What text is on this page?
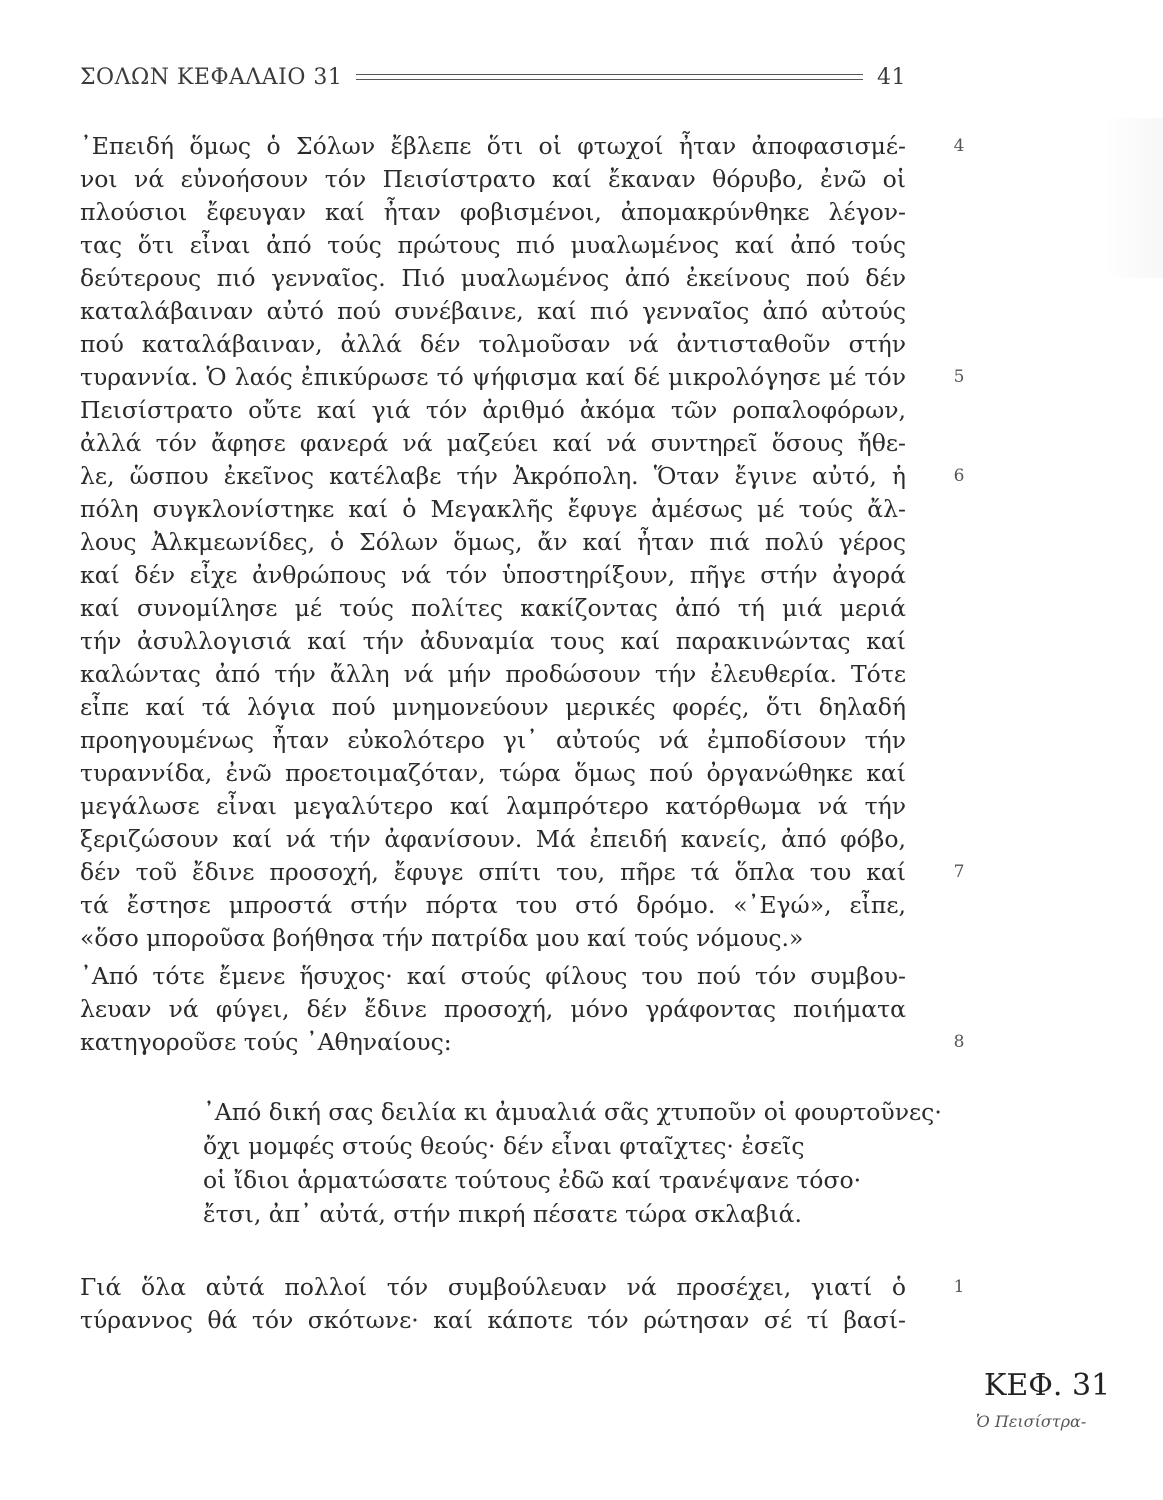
ΣΟΛΩΝ ΚΕΦΑΛΑΙΟ 31	41
᾿Επειδή ὅμως ὁ Σόλων ἔβλεπε ὅτι οἱ φτωχοί ἦταν ἀποφασισμέ-
νοι νά εὐνοήσουν τόν Πεισίστρατο καί ἔκαναν θόρυβο, ἐνῶ οἱ
πλούσιοι ἔφευγαν καί ἦταν φοβισμένοι, ἀπομακρύνθηκε λέγον-
τας ὅτι εἶναι ἀπό τούς πρώτους πιό μυαλωμένος καί ἀπό τούς
δεύτερους πιό γενναῖος. Πιό μυαλωμένος ἀπό ἐκείνους πού δέν
καταλάβαιναν αὐτό πού συνέβαινε, καί πιό γενναῖος ἀπό αὐτούς
πού καταλάβαιναν, ἀλλά δέν τολμοῦσαν νά ἀντισταθοῦν στήν
τυραννία. Ὁ λαός ἐπικύρωσε τό ψήφισμα καί δέ μικρολόγησε μέ τόν
Πεισίστρατο οὔτε καί γιά τόν ἀριθμό ἀκόμα τῶν ροπαλοφόρων,
ἀλλά τόν ἄφησε φανερά νά μαζεύει καί νά συντηρεῖ ὅσους ἤθε-
λε, ὥσπου ἐκεῖνος κατέλαβε τήν Ἀκρόπολη. Ὅταν ἔγινε αὐτό, ἡ
πόλη συγκλονίστηκε καί ὁ Μεγακλῆς ἔφυγε ἀμέσως μέ τούς ἄλ-
λους Ἀλκμεωνίδες, ὁ Σόλων ὅμως, ἄν καί ἦταν πιά πολύ γέρος
καί δέν εἶχε ἀνθρώπους νά τόν ὑποστηρίξουν, πῆγε στήν ἀγορά
καί συνομίλησε μέ τούς πολίτες κακίζοντας ἀπό τή μιά μεριά
τήν ἀσυλλογισιά καί τήν ἀδυναμία τους καί παρακινώντας καί
καλώντας ἀπό τήν ἄλλη νά μήν προδώσουν τήν ἐλευθερία. Τότε
εἶπε καί τά λόγια πού μνημονεύουν μερικές φορές, ὅτι δηλαδή
προηγουμένως ἦταν εὐκολότερο γι᾿ αὐτούς νά ἐμποδίσουν τήν
τυραννίδα, ἐνῶ προετοιμαζόταν, τώρα ὅμως πού ὀργανώθηκε καί
μεγάλωσε εἶναι μεγαλύτερο καί λαμπρότερο κατόρθωμα νά τήν
ξεριζώσουν καί νά τήν ἀφανίσουν. Μά ἐπειδή κανείς, ἀπό φόβο,
δέν τοῦ ἔδινε προσοχή, ἔφυγε σπίτι του, πῆρε τά ὅπλα του καί
τά ἔστησε μπροστά στήν πόρτα του στό δρόμο. «᾿Εγώ», εἶπε,
«ὅσο μποροῦσα βοήθησα τήν πατρίδα μου καί τούς νόμους.»
᾿Από τότε ἔμενε ἥσυχος· καί στούς φίλους του πού τόν συμβου-
λευαν νά φύγει, δέν ἔδινε προσοχή, μόνο γράφοντας ποιήματα
κατηγοροῦσε τούς ᾿Αθηναίους:
᾿Από δική σας δειλία κι ἀμυαλιά σᾶς χτυποῦν οἱ φουρτοῦνες·
ὄχι μομφές στούς θεούς· δέν εἶναι φταῖχτες· ἐσεῖς
οἱ ἴδιοι ἁρματώσατε τούτους ἐδῶ καί τρανέψανε τόσο·
ἔτσι, ἀπ᾿ αὐτά, στήν πικρή πέσατε τώρα σκλαβιά.
Γιά ὅλα αὐτά πολλοί τόν συμβούλευαν νά προσέχει, γιατί ὁ
τύραννος θά τόν σκότωνε· καί κάποτε τόν ρώτησαν σέ τί βασί-
4
5
6
7
8
1
ΚΕΦ. 31
Ὁ Πεισίστρα-
